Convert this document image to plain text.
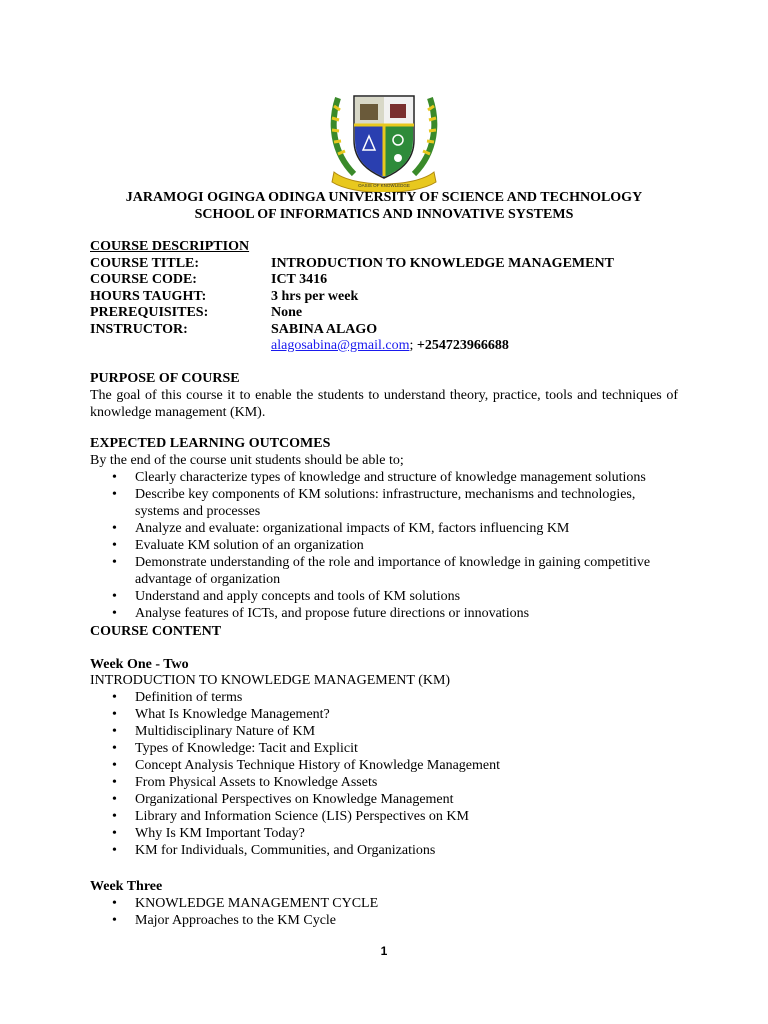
OASIS OF KNOWLEDGE
JARAMOGI OGINGA ODINGA UNIVERSITY OF SCIENCE AND TECHNOLOGY
SCHOOL OF INFORMATICS AND INNOVATIVE SYSTEMS
COURSE DESCRIPTION
COURSE TITLE:	INTRODUCTION TO KNOWLEDGE MANAGEMENT
COURSE CODE:	ICT 3416
HOURS TAUGHT:	3 hrs per week
PREREQUISITES:	None
INSTRUCTOR:	SABINA ALAGO
alagosabina@gmail.com; +254723966688
PURPOSE OF COURSE
The goal of this course it to enable the students to understand theory, practice, tools and techniques of knowledge management (KM).
EXPECTED LEARNING OUTCOMES
By the end of the course unit students should be able to;
• Clearly characterize types of knowledge and structure of knowledge management solutions
• Describe key components of KM solutions: infrastructure, mechanisms and technologies, systems and processes
• Analyze and evaluate: organizational impacts of KM, factors influencing KM
• Evaluate KM solution of an organization
• Demonstrate understanding of the role and importance of knowledge in gaining competitive advantage of organization
• Understand and apply concepts and tools of KM solutions
• Analyse features of ICTs, and propose future directions or innovations
COURSE CONTENT
Week One - Two
INTRODUCTION TO KNOWLEDGE MANAGEMENT (KM)
• Definition of terms
• What Is Knowledge Management?
• Multidisciplinary Nature of KM
• Types of Knowledge: Tacit and Explicit
• Concept Analysis Technique History of Knowledge Management
• From Physical Assets to Knowledge Assets
• Organizational Perspectives on Knowledge Management
• Library and Information Science (LIS) Perspectives on KM
• Why Is KM Important Today?
• KM for Individuals, Communities, and Organizations
Week Three
• KNOWLEDGE MANAGEMENT CYCLE
• Major Approaches to the KM Cycle
1
